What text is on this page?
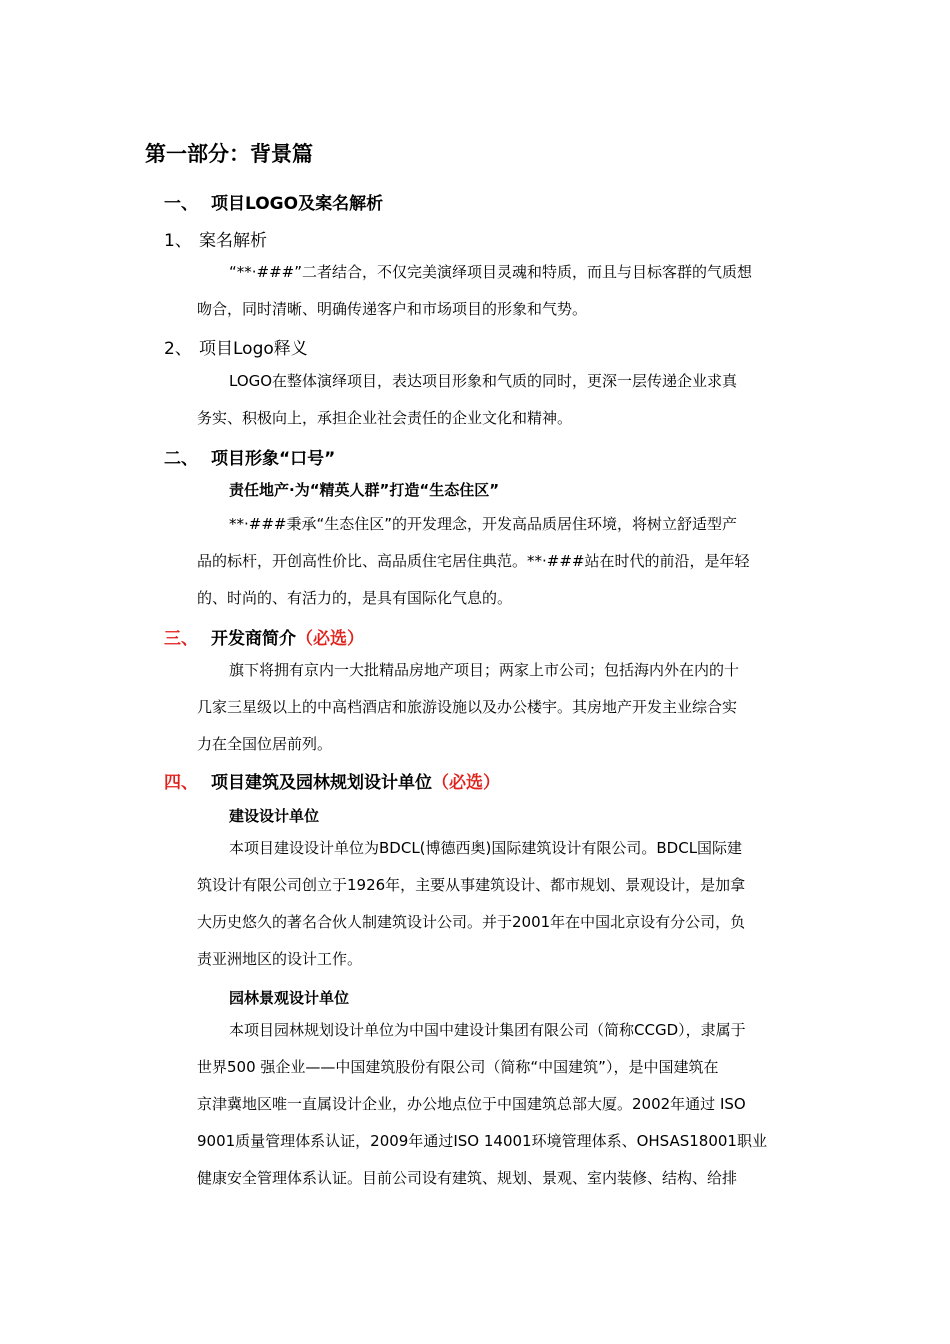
第一部分：背景篇
一、 项目LOGO及案名解析
1、 案名解析
“**·###”二者结合，不仅完美演绎项目灵魂和特质，而且与目标客群的气质想
吻合，同时清晰、明确传递客户和市场项目的形象和气势。
2、 项目Logo释义
LOGO在整体演绎项目，表达项目形象和气质的同时，更深一层传递企业求真
务实、积极向上，承担企业社会责任的企业文化和精神。
二、 项目形象“口号”
责任地产·为“精英人群”打造“生态住区”
**·###秉承“生态住区”的开发理念，开发高品质居住环境，将树立舒适型产
品的标杆，开创高性价比、高品质住宅居住典范。**·###站在时代的前沿，是年轻
的、时尚的、有活力的，是具有国际化气息的。
三、 开发商简介（必选）
旗下将拥有京内一大批精品房地产项目；两家上市公司；包括海内外在内的十
几家三星级以上的中高档酒店和旅游设施以及办公楼宇。其房地产开发主业综合实
力在全国位居前列。
四、 项目建筑及园林规划设计单位（必选）
建设设计单位
本项目建设设计单位为BDCL(博德西奥)国际建筑设计有限公司。BDCL国际建
筑设计有限公司创立于1926年，主要从事建筑设计、都市规划、景观设计，是加拿
大历史悠久的著名合伙人制建筑设计公司。并于2001年在中国北京设有分公司，负
责亚洲地区的设计工作。
园林景观设计单位
本项目园林规划设计单位为中国中建设计集团有限公司（简称CCGD），隶属于
世界500 强企业——中国建筑股份有限公司（简称“中国建筑”），是中国建筑在
京津冀地区唯一直属设计企业，办公地点位于中国建筑总部大厦。2002年通过 ISO
9001质量管理体系认证，2009年通过ISO 14001环境管理体系、OHSAS18001职业
健康安全管理体系认证。目前公司设有建筑、规划、景观、室内装修、结构、给排
